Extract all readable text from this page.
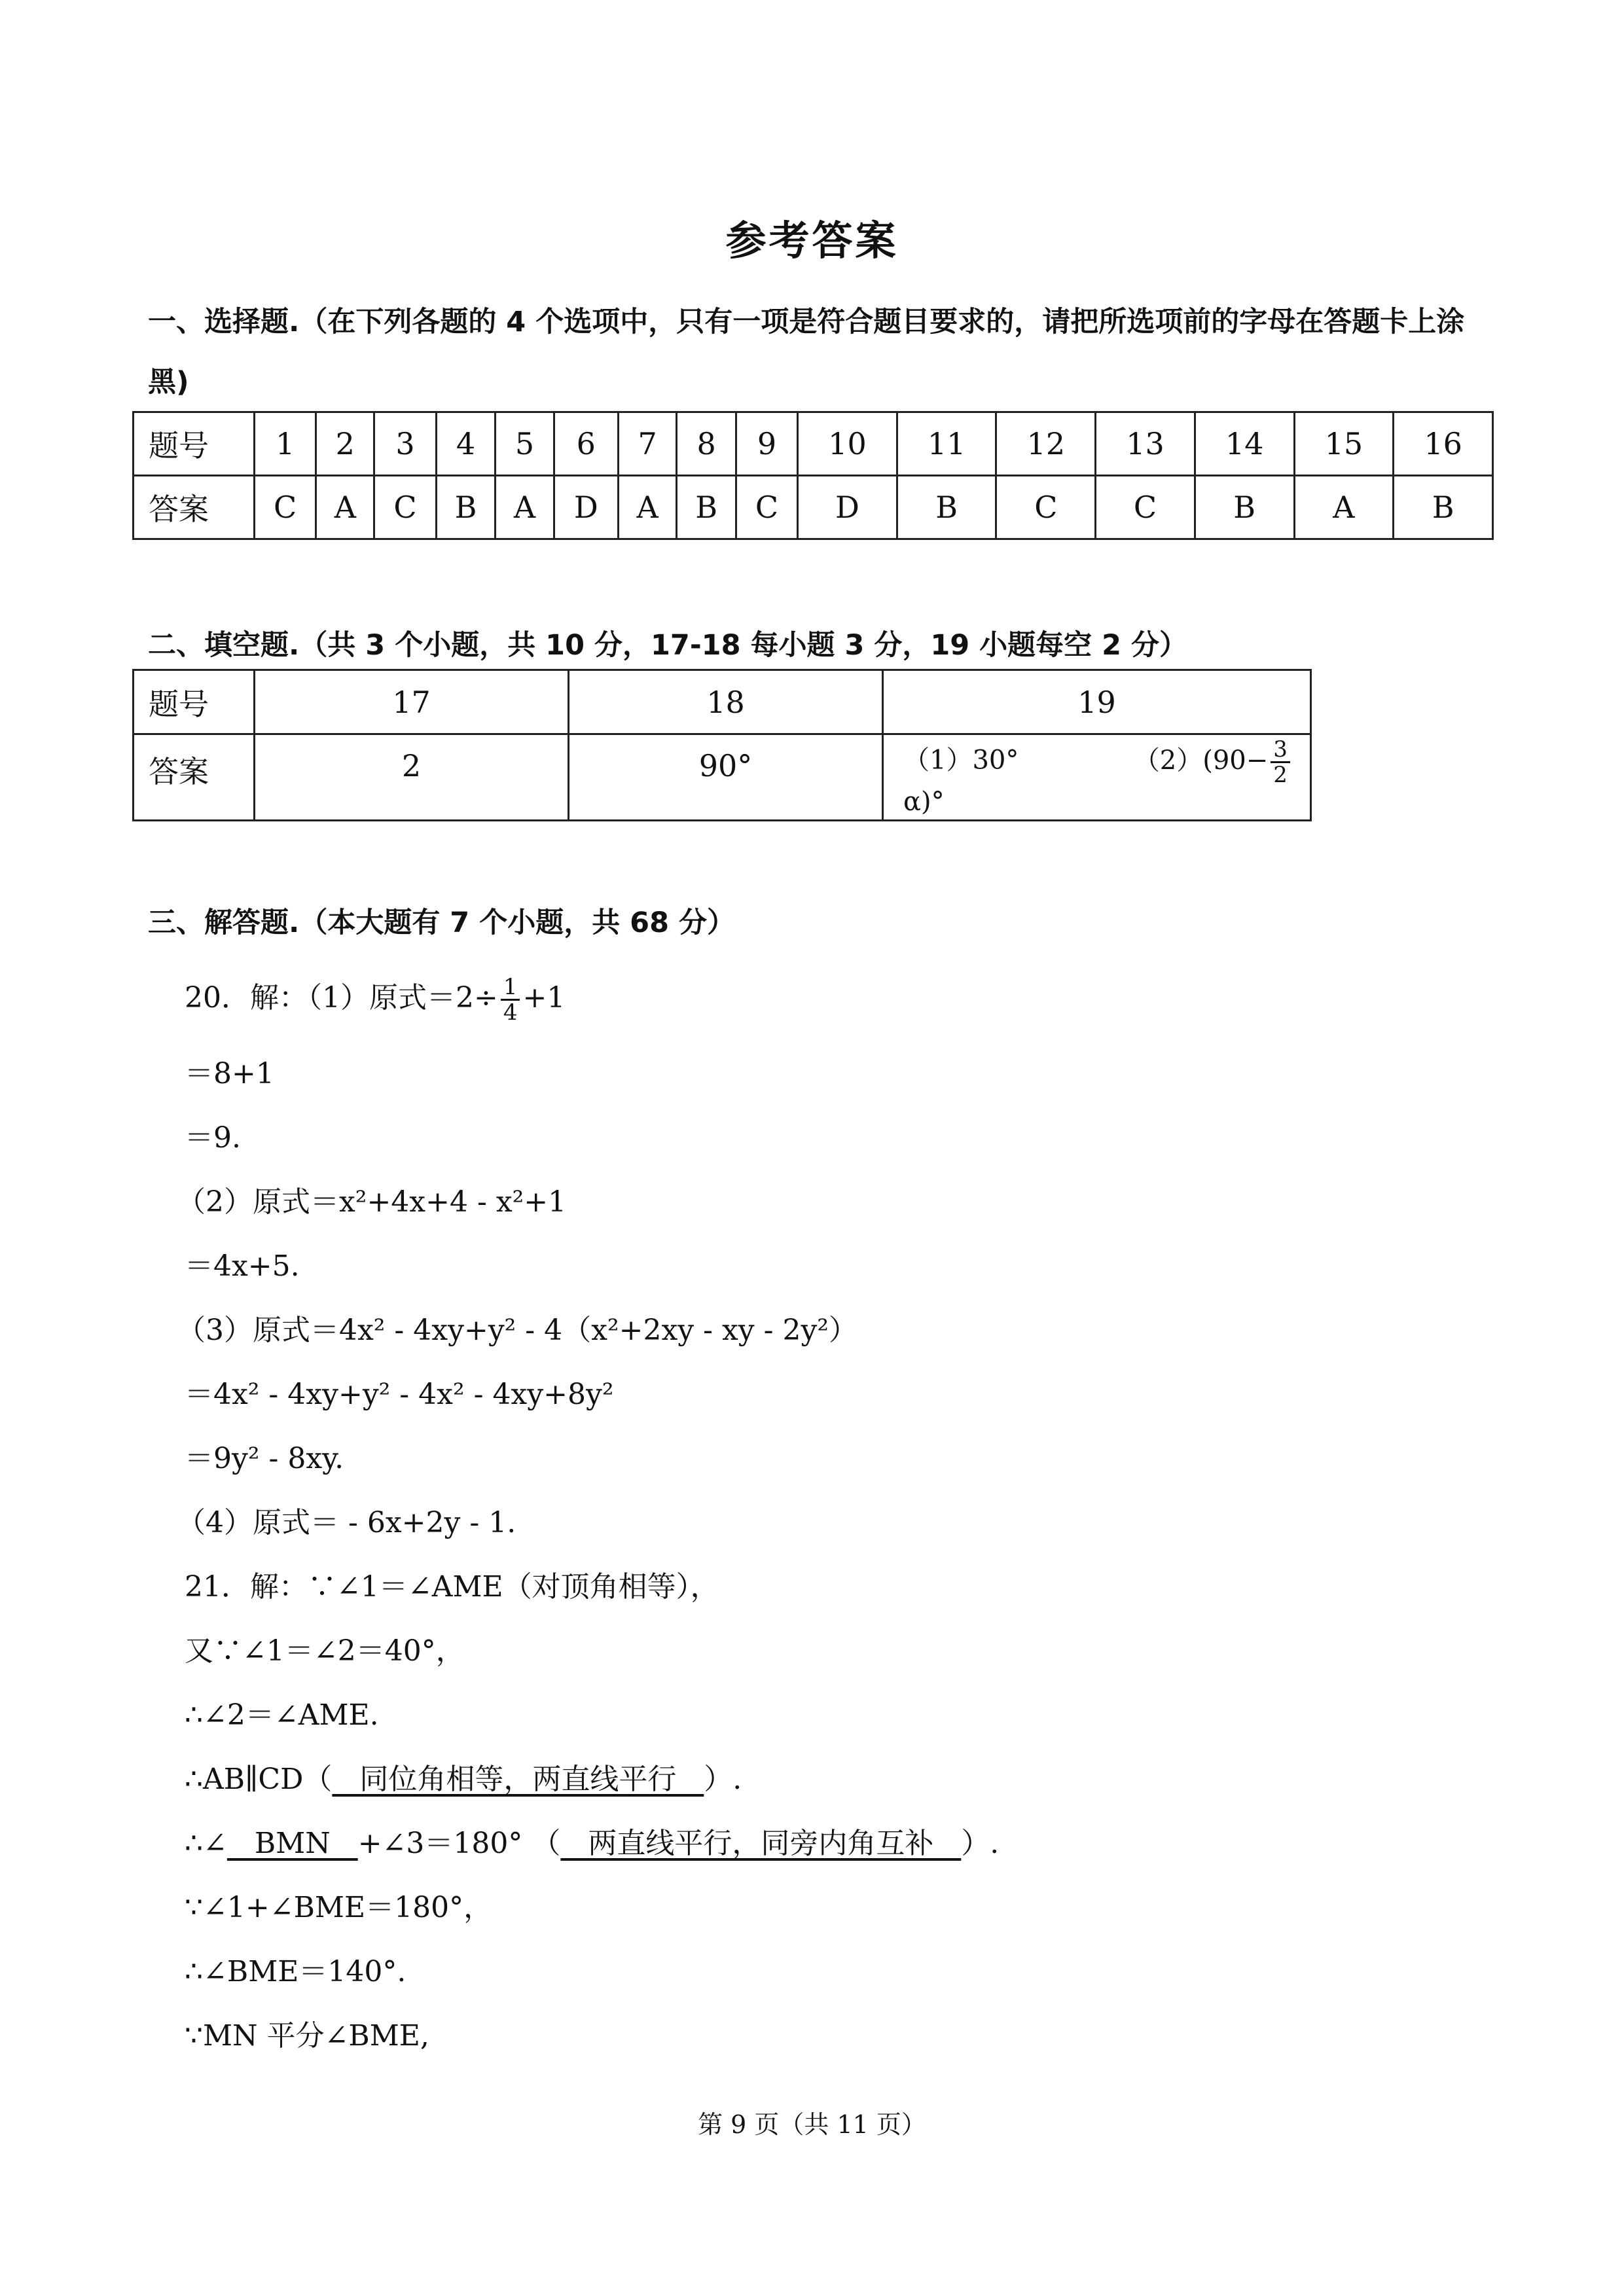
参考答案
一、选择题.（在下列各题的 4 个选项中，只有一项是符合题目要求的，请把所选项前的字母在答题卡上涂
黑)
题号	1	2	3	4	5	6	7	8	9	10	11	12	13	14	15	16
答案	C	A	C	B	A	D	A	B	C	D	B	C	C	B	A	B
二、填空题.（共 3 个小题，共 10 分，17-18 每小题 3 分，19 小题每空 2 分）
题号	17	18	19
答案	2	90°	（1）30° $(2)(90- \frac{3}{2}$
α)°
三、解答题.（本大题有 7 个小题，共 68 分）
20．解：（1）原式$=2\div \frac{1}{4} +1$
＝8+1
＝9.
（2）原式＝x²+4x+4 ‐ x²+1
＝4x+5.
（3）原式＝4x² ‐ 4xy+y² ‐ 4（x²+2xy ‐ xy ‐ 2y²）
＝4x² ‐ 4xy+y² ‐ 4x² ‐ 4xy+8y²
＝9y² ‐ 8xy.
（4）原式＝ ‐ 6x+2y ‐ 1.
21．解：∵∠1＝∠AME（对顶角相等），
又∵∠1＝∠2＝40°，
∴∠2＝∠AME.
∴AB∥CD（   同位角相等，两直线平行   ）.
∴∠   BMN   +∠3＝180° （   两直线平行，同旁内角互补   ）.
∵∠1+∠BME＝180°，
∴∠BME＝140°.
∵MN 平分∠BME,
第 9 页（共 11 页）
